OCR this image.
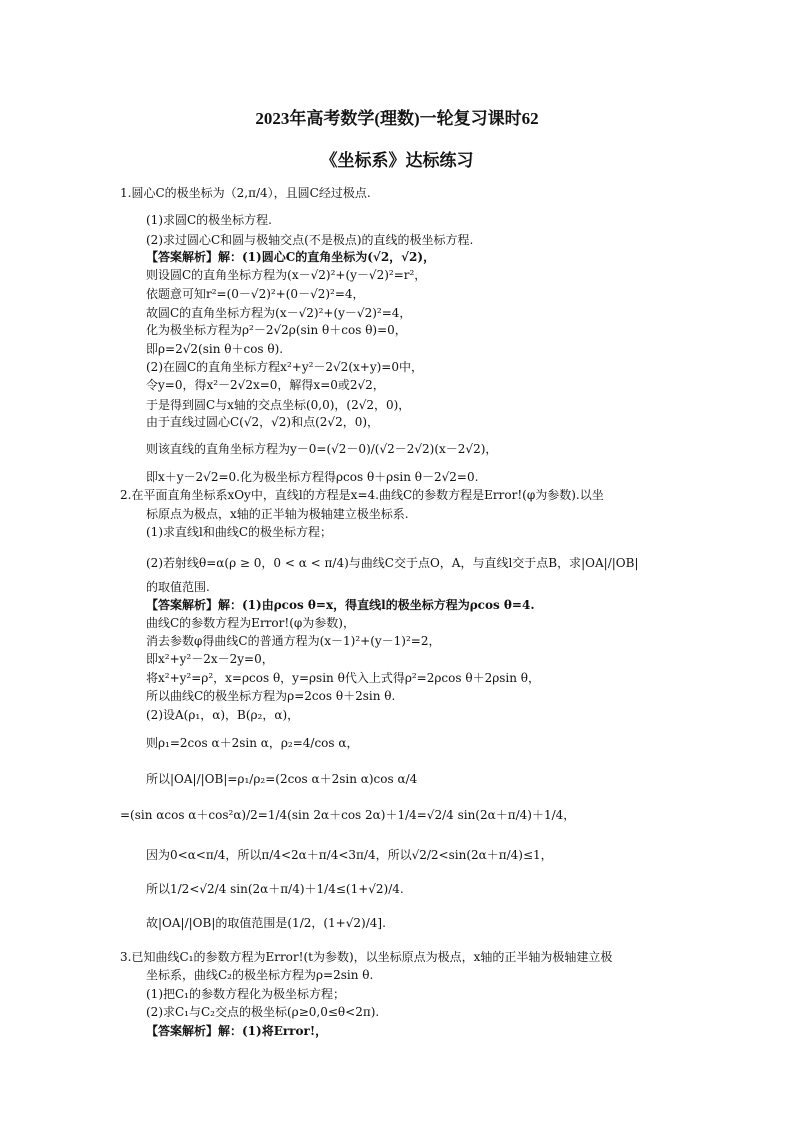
2023年高考数学(理数)一轮复习课时62
《坐标系》达标练习
1.圆心C的极坐标为（2,π/4），且圆C经过极点.
(1)求圆C的极坐标方程.
(2)求过圆心C和圆与极轴交点(不是极点)的直线的极坐标方程.
【答案解析】解：(1)圆心C的直角坐标为(√2，√2)，
则设圆C的直角坐标方程为(x－√2)²+(y－√2)²=r²，
依题意可知r²=(0－√2)²+(0－√2)²=4，
故圆C的直角坐标方程为(x－√2)²+(y－√2)²=4，
化为极坐标方程为ρ²－2√2ρ(sin θ＋cos θ)=0，
即ρ=2√2(sin θ＋cos θ).
(2)在圆C的直角坐标方程x²+y²－2√2(x+y)=0中，
令y=0，得x²－2√2x=0，解得x=0或2√2，
于是得到圆C与x轴的交点坐标(0,0)，(2√2，0)，
由于直线过圆心C(√2，√2)和点(2√2，0)，
则该直线的直角坐标方程为y－0=(√2－0)/(√2－2√2)(x－2√2)，
即x＋y－2√2=0.化为极坐标方程得ρcos θ＋ρsin θ－2√2=0.
2.在平面直角坐标系xOy中，直线l的方程是x=4.曲线C的参数方程是Error!(φ为参数).以坐
标原点为极点，x轴的正半轴为极轴建立极坐标系.
(1)求直线l和曲线C的极坐标方程；
(2)若射线θ=α(ρ ≥ 0，0 < α < π/4)与曲线C交于点O，A，与直线l交于点B，求|OA|/|OB|
的取值范围.
【答案解析】解：(1)由ρcos θ=x，得直线l的极坐标方程为ρcos θ=4.
曲线C的参数方程为Error!(φ为参数)，
消去参数φ得曲线C的普通方程为(x－1)²+(y－1)²=2，
即x²+y²－2x－2y=0，
将x²+y²=ρ²，x=ρcos θ，y=ρsin θ代入上式得ρ²=2ρcos θ＋2ρsin θ，
所以曲线C的极坐标方程为ρ=2cos θ＋2sin θ.
(2)设A(ρ₁，α)，B(ρ₂，α)，
则ρ₁=2cos α＋2sin α，ρ₂=4/cos α，
所以|OA|/|OB|=ρ₁/ρ₂=(2cos α＋2sin α)cos α/4
=(sin αcos α＋cos²α)/2=1/4(sin 2α＋cos 2α)＋1/4=√2/4 sin(2α＋π/4)＋1/4，
因为0<α<π/4，所以π/4<2α＋π/4<3π/4，所以√2/2<sin(2α＋π/4)≤1，
所以1/2<√2/4 sin(2α＋π/4)＋1/4≤(1+√2)/4.
故|OA|/|OB|的取值范围是(1/2，(1+√2)/4].
3.已知曲线C₁的参数方程为Error!(t为参数)，以坐标原点为极点，x轴的正半轴为极轴建立极
坐标系，曲线C₂的极坐标方程为ρ=2sin θ.
(1)把C₁的参数方程化为极坐标方程；
(2)求C₁与C₂交点的极坐标(ρ≥0,0≤θ<2π).
【答案解析】解：(1)将Error!，
